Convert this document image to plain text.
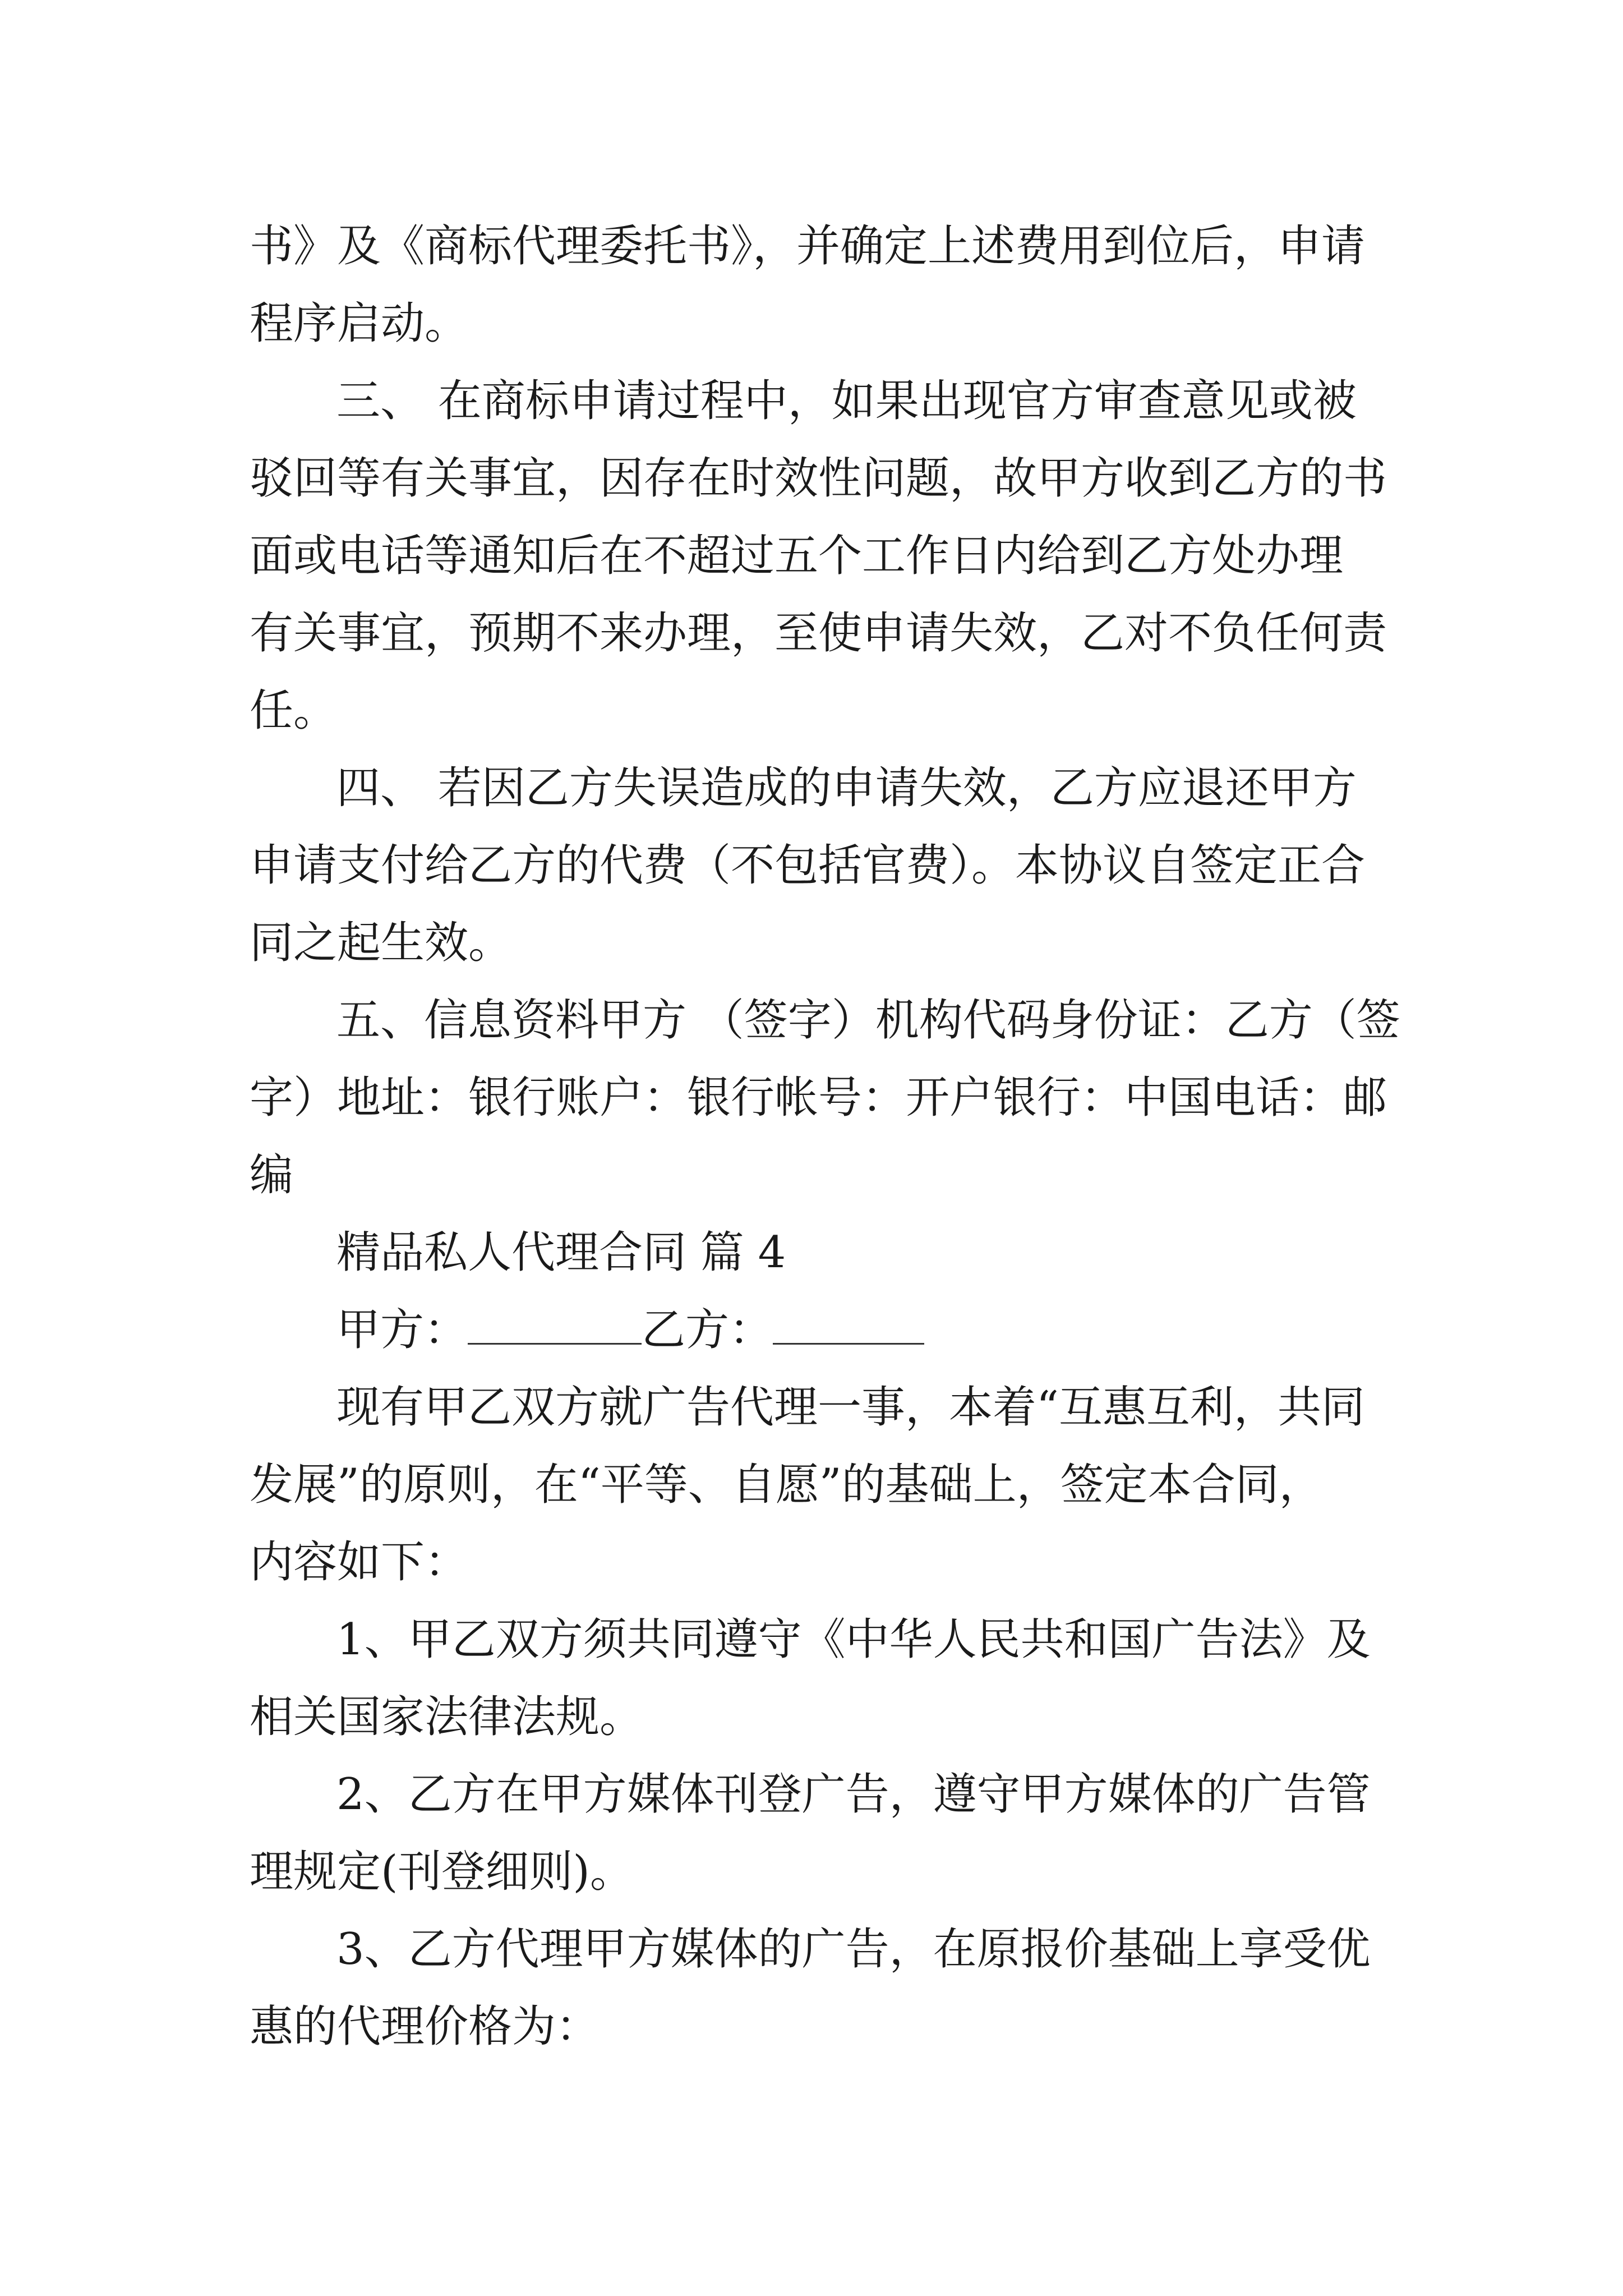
书》及《商标代理委托书》，并确定上述费用到位后，申请
程序启动。
三、 在商标申请过程中，如果出现官方审查意见或被
驳回等有关事宜，因存在时效性问题，故甲方收到乙方的书
面或电话等通知后在不超过五个工作日内给到乙方处办理
有关事宜，预期不来办理，至使申请失效，乙对不负任何责
任。
四、 若因乙方失误造成的申请失效，乙方应退还甲方
申请支付给乙方的代费（不包括官费）。本协议自签定正合
同之起生效。
五、信息资料甲方 （签字）机构代码身份证：乙方（签
字）地址：银行账户：银行帐号：开户银行：中国电话：邮
编
精品私人代理合同 篇 4
甲方：	乙方：
现有甲乙双方就广告代理一事，本着“互惠互利，共同
发展”的原则，在“平等、自愿”的基础上，签定本合同，
内容如下：
1、甲乙双方须共同遵守《中华人民共和国广告法》及
相关国家法律法规。
2、乙方在甲方媒体刊登广告，遵守甲方媒体的广告管
理规定(刊登细则)。
3、乙方代理甲方媒体的广告，在原报价基础上享受优
惠的代理价格为：
